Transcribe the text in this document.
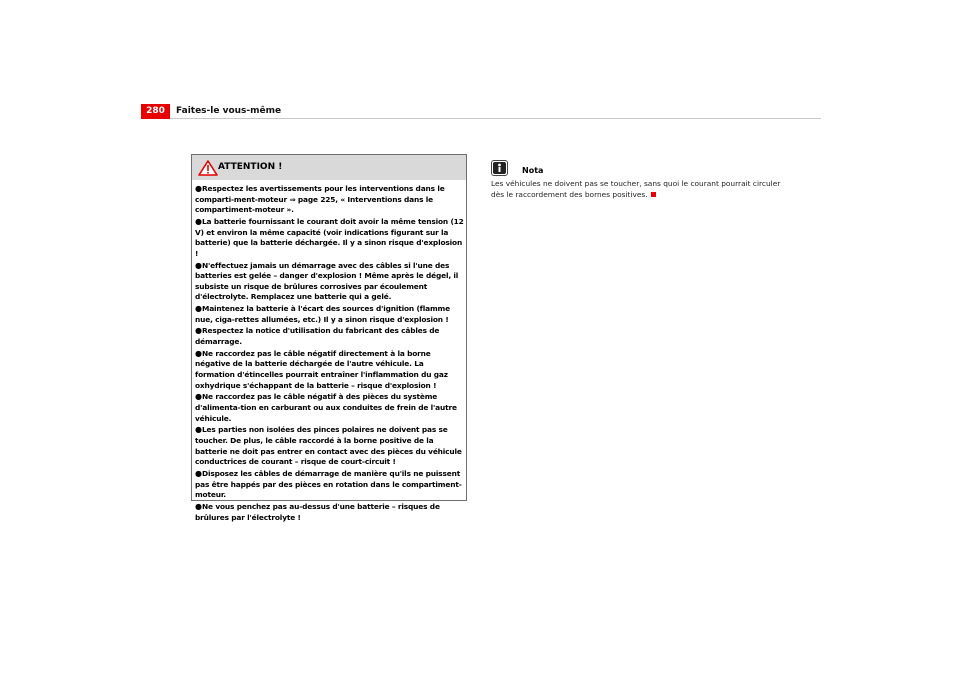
280	Faites-le vous-même
ATTENTION !
●Respectez les avertissements pour les interventions dans le comparti-ment-moteur ⇒ page 225, « Interventions dans le compartiment-moteur ».
●La batterie fournissant le courant doit avoir la même tension (12 V) et environ la même capacité (voir indications figurant sur la batterie) que la batterie déchargée. Il y a sinon risque d'explosion !
●N'effectuez jamais un démarrage avec des câbles si l'une des batteries est gelée – danger d'explosion ! Même après le dégel, il subsiste un risque de brûlures corrosives par écoulement d'électrolyte. Remplacez une batterie qui a gelé.
●Maintenez la batterie à l'écart des sources d'ignition (flamme nue, ciga-rettes allumées, etc.) Il y a sinon risque d'explosion !
●Respectez la notice d'utilisation du fabricant des câbles de démarrage.
●Ne raccordez pas le câble négatif directement à la borne négative de la batterie déchargée de l'autre véhicule. La formation d'étincelles pourrait entraîner l'inflammation du gaz oxhydrique s'échappant de la batterie – risque d'explosion !
●Ne raccordez pas le câble négatif à des pièces du système d'alimenta-tion en carburant ou aux conduites de frein de l'autre véhicule.
●Les parties non isolées des pinces polaires ne doivent pas se toucher. De plus, le câble raccordé à la borne positive de la batterie ne doit pas entrer en contact avec des pièces du véhicule conductrices de courant – risque de court-circuit !
●Disposez les câbles de démarrage de manière qu'ils ne puissent pas être happés par des pièces en rotation dans le compartiment-moteur.
●Ne vous penchez pas au-dessus d'une batterie – risques de brûlures par l'électrolyte !
Nota
Les véhicules ne doivent pas se toucher, sans quoi le courant pourrait circuler dès le raccordement des bornes positives.
